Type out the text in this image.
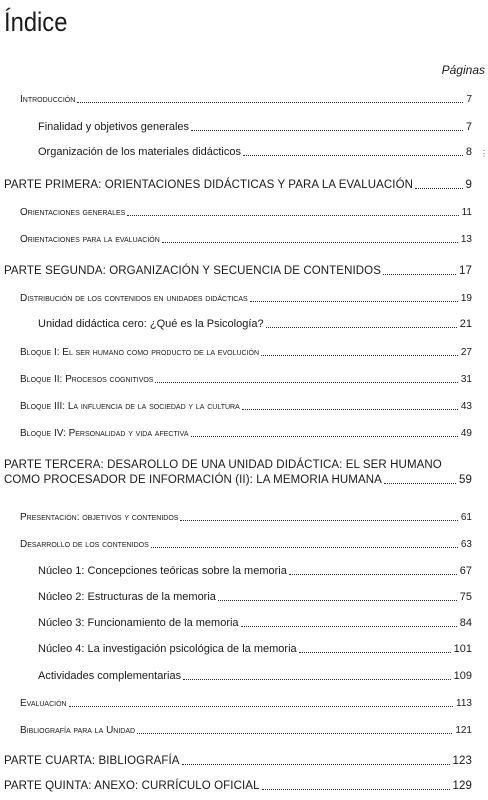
Índice
Páginas
⋮
Introducción	7
Finalidad y objetivos generales	7
Organización de los materiales didácticos	8
PARTE PRIMERA: ORIENTACIONES DIDÁCTICAS Y PARA LA EVALUACIÓN	9
Orientaciones generales	11
Orientaciones para la evaluación	13
PARTE SEGUNDA: ORGANIZACIÓN Y SECUENCIA DE CONTENIDOS	17
Distribución de los contenidos en unidades didácticas	19
Unidad didáctica cero: ¿Qué es la Psicología?	21
Bloque I: El ser humano como producto de la evolución	27
Bloque II: Procesos cognitivos	31
Bloque III: La influencia de la sociedad y la cultura	43
Bloque IV: Personalidad y vida afectiva	49
PARTE TERCERA: DESAROLLO DE UNA UNIDAD DIDÁCTICA: EL SER HUMANO
COMO PROCESADOR DE INFORMACIÓN (II): LA MEMORIA HUMANA	59
Presentación: objetivos y contenidos	61
Desarrollo de los contenidos	63
Núcleo 1: Concepciones teóricas sobre la memoria	67
Núcleo 2: Estructuras de la memoria	75
Núcleo 3: Funcionamiento de la memoria	84
Núcleo 4: La investigación psicológica de la memoria	101
Actividades complementarias	109
Evaluación	113
Bibliografía para la Unidad	121
PARTE CUARTA: BIBLIOGRAFÍA	123
PARTE QUINTA: ANEXO: CURRÍCULO OFICIAL	129
